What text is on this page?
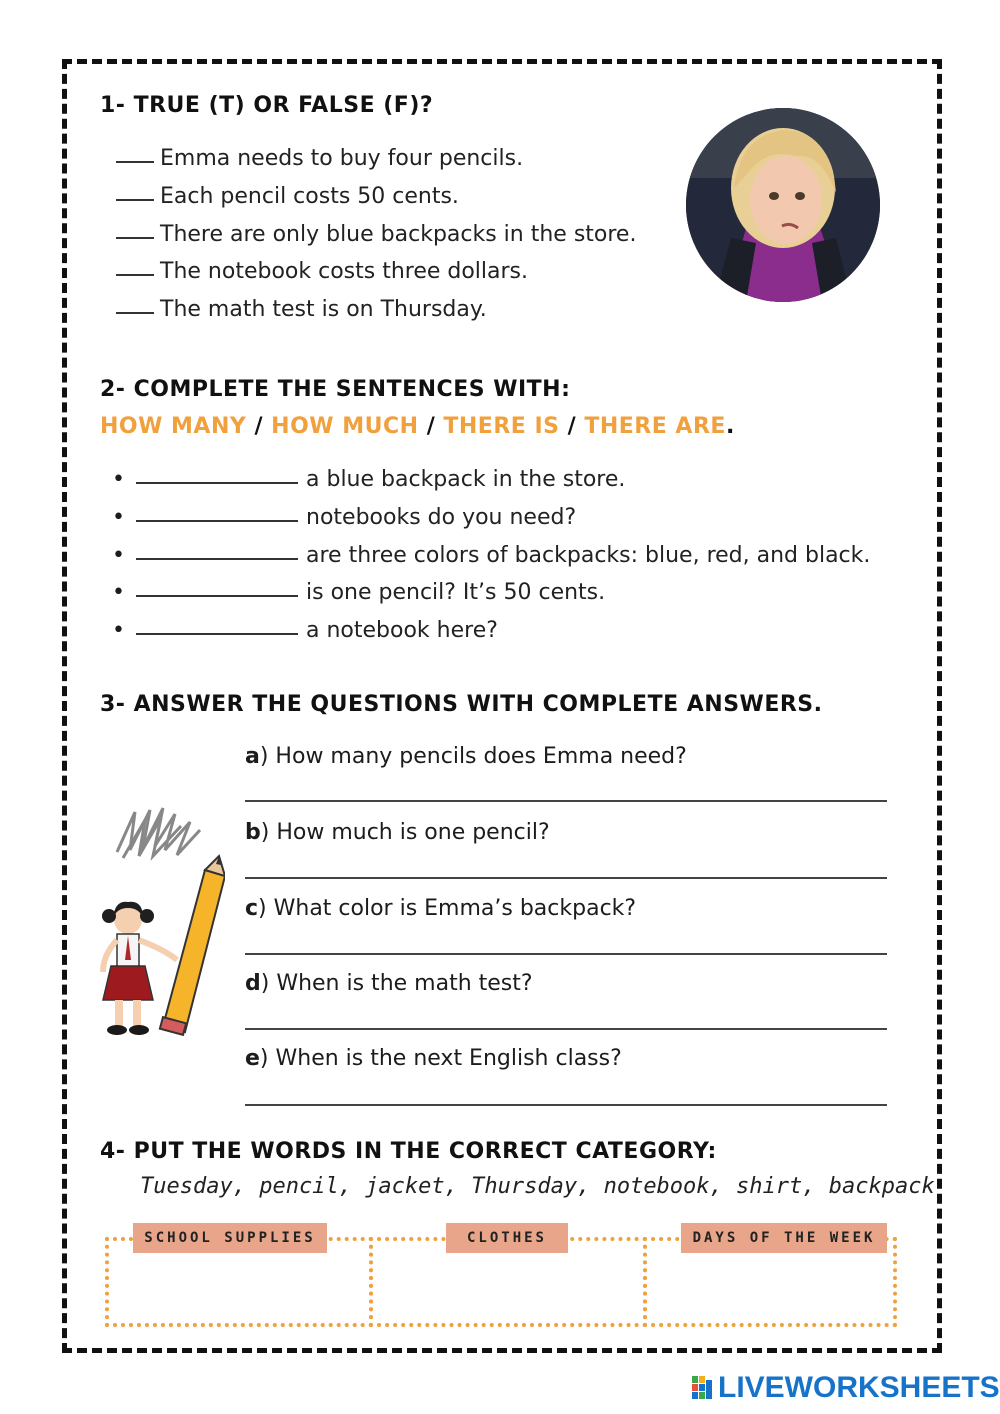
1- TRUE (T) OR FALSE (F)?
Emma needs to buy four pencils.
Each pencil costs 50 cents.
There are only blue backpacks in the store.
The notebook costs three dollars.
The math test is on Thursday.
2- COMPLETE THE SENTENCES WITH:
HOW MANY / HOW MUCH / THERE IS / THERE ARE.
•	a blue backpack in the store.
•	notebooks do you need?
•	are three colors of backpacks: blue, red, and black.
•	is one pencil? It’s 50 cents.
•	a notebook here?
3- ANSWER THE QUESTIONS WITH COMPLETE ANSWERS.
a) How many pencils does Emma need?
b) How much is one pencil?
c) What color is Emma’s backpack?
d) When is the math test?
e) When is the next English class?
4- PUT THE WORDS IN THE CORRECT CATEGORY:
Tuesday, pencil, jacket, Thursday, notebook, shirt, backpack
SCHOOL SUPPLIES	CLOTHES	DAYS OF THE WEEK
LIVEWORKSHEETS
